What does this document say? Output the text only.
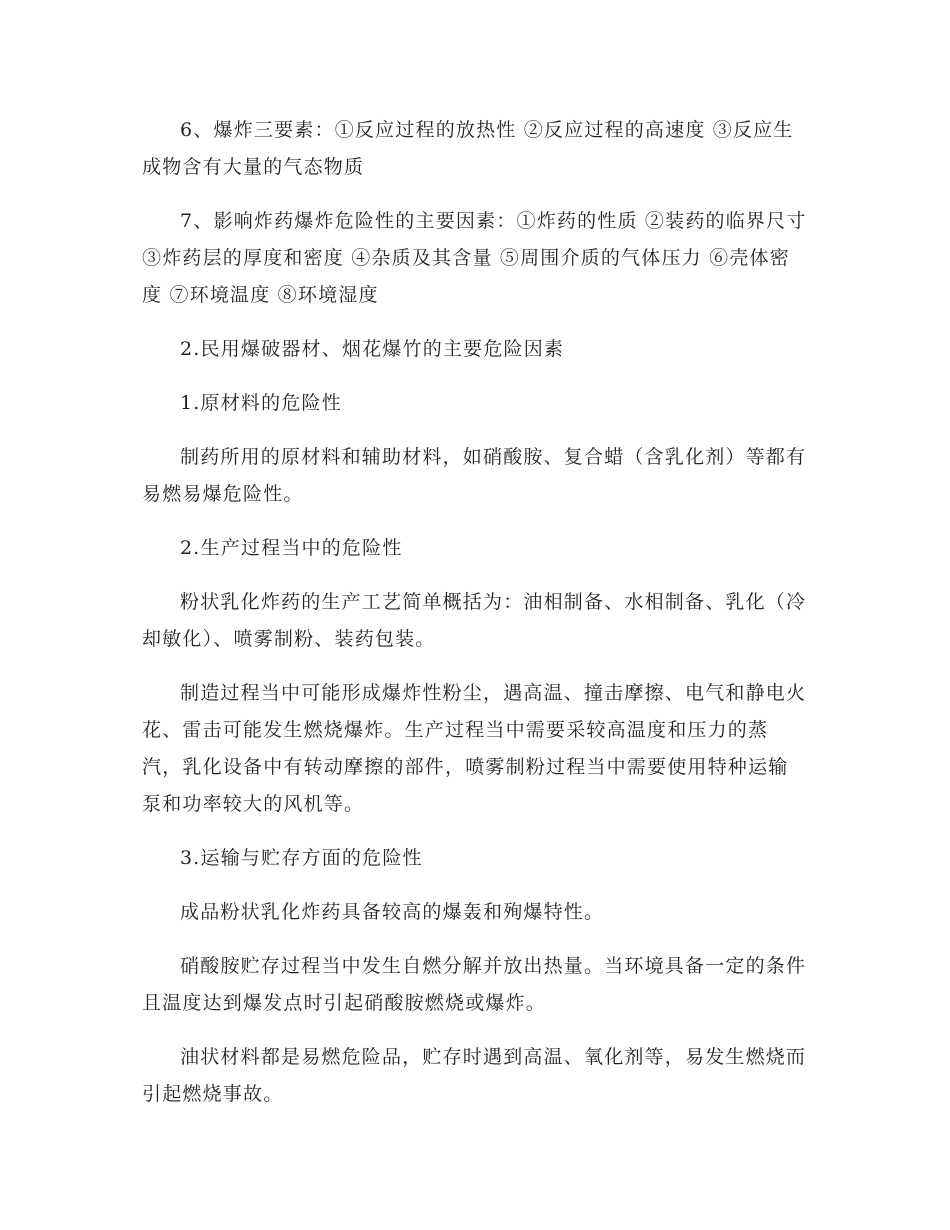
6、爆炸三要素：①反应过程的放热性 ②反应过程的高速度 ③反应生成物含有大量的气态物质

7、影响炸药爆炸危险性的主要因素：①炸药的性质 ②装药的临界尺寸 ③炸药层的厚度和密度 ④杂质及其含量 ⑤周围介质的气体压力 ⑥壳体密度 ⑦环境温度 ⑧环境湿度

2.民用爆破器材、烟花爆竹的主要危险因素

1.原材料的危险性

制药所用的原材料和辅助材料，如硝酸胺、复合蜡（含乳化剂）等都有易燃易爆危险性。

2.生产过程当中的危险性

粉状乳化炸药的生产工艺简单概括为：油相制备、水相制备、乳化（冷却敏化）、喷雾制粉、装药包装。

制造过程当中可能形成爆炸性粉尘，遇高温、撞击摩擦、电气和静电火花、雷击可能发生燃烧爆炸。生产过程当中需要采较高温度和压力的蒸汽，乳化设备中有转动摩擦的部件，喷雾制粉过程当中需要使用特种运输泵和功率较大的风机等。

3.运输与贮存方面的危险性

成品粉状乳化炸药具备较高的爆轰和殉爆特性。

硝酸胺贮存过程当中发生自燃分解并放出热量。当环境具备一定的条件且温度达到爆发点时引起硝酸胺燃烧或爆炸。

油状材料都是易燃危险品，贮存时遇到高温、氧化剂等，易发生燃烧而引起燃烧事故。
